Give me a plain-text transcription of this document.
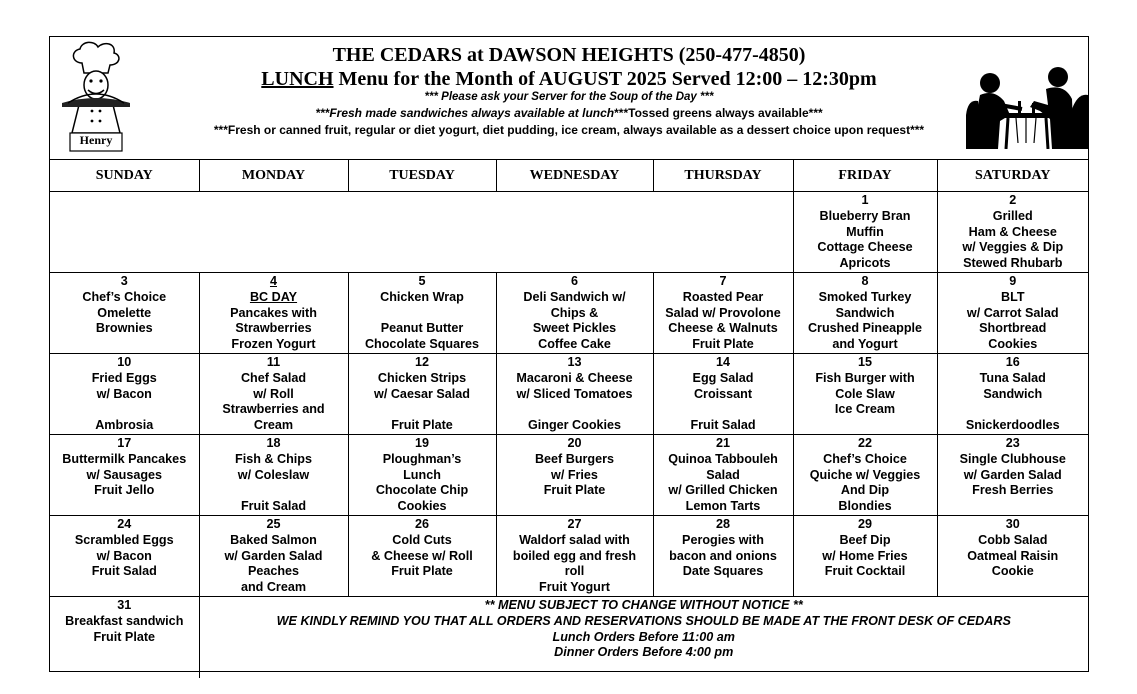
Henry
THE CEDARS at DAWSON HEIGHTS (250-477-4850)
LUNCH Menu for the Month of AUGUST 2025 Served 12:00 – 12:30pm
*** Please ask your Server for the Soup of the Day ***
***Fresh made sandwiches always available at lunch***Tossed greens always available***
***Fresh or canned fruit, regular or diet yogurt, diet pudding, ice cream, always available as a dessert choice upon request***
SUNDAY	MONDAY	TUESDAY	WEDNESDAY	THURSDAY	FRIDAY	SATURDAY

					1
Blueberry Bran
Muffin
Cottage Cheese
Apricots	2
Grilled
Ham & Cheese
w/ Veggies & Dip
Stewed Rhubarb

3
Chef’s Choice
Omelette
Brownies	4
BC DAY
Pancakes with
Strawberries
Frozen Yogurt	5
Chicken Wrap
Peanut Butter
Chocolate Squares	6
Deli Sandwich w/
Chips &
Sweet Pickles
Coffee Cake	7
Roasted Pear
Salad w/ Provolone
Cheese & Walnuts
Fruit Plate	8
Smoked Turkey
Sandwich
Crushed Pineapple
and Yogurt	9
BLT
w/ Carrot Salad
Shortbread
Cookies

10
Fried Eggs
w/ Bacon
Ambrosia	11
Chef Salad
w/ Roll
Strawberries and
Cream	12
Chicken Strips
w/ Caesar Salad
Fruit Plate	13
Macaroni & Cheese
w/ Sliced Tomatoes
Ginger Cookies	14
Egg Salad
Croissant
Fruit Salad	15
Fish Burger with
Cole Slaw
Ice Cream	16
Tuna Salad
Sandwich
Snickerdoodles

17
Buttermilk Pancakes
w/ Sausages
Fruit Jello	18
Fish & Chips
w/ Coleslaw
Fruit Salad	19
Ploughman’s
Lunch
Chocolate Chip
Cookies	20
Beef Burgers
w/ Fries
Fruit Plate	21
Quinoa Tabbouleh
Salad
w/ Grilled Chicken
Lemon Tarts	22
Chef’s Choice
Quiche w/ Veggies
And Dip
Blondies	23
Single Clubhouse
w/ Garden Salad
Fresh Berries

24
Scrambled Eggs
w/ Bacon
Fruit Salad	25
Baked Salmon
w/ Garden Salad
Peaches
and Cream	26
Cold Cuts
& Cheese w/ Roll
Fruit Plate	27
Waldorf salad with
boiled egg and fresh
roll
Fruit Yogurt	28
Perogies with
bacon and onions
Date Squares	29
Beef Dip
w/ Home Fries
Fruit Cocktail	30
Cobb Salad
Oatmeal Raisin
Cookie

31
Breakfast sandwich
Fruit Plate	** MENU SUBJECT TO CHANGE WITHOUT NOTICE **
WE KINDLY REMIND YOU THAT ALL ORDERS AND RESERVATIONS SHOULD BE MADE AT THE FRONT DESK OF CEDARS
Lunch Orders Before 11:00 am
Dinner Orders Before 4:00 pm					
